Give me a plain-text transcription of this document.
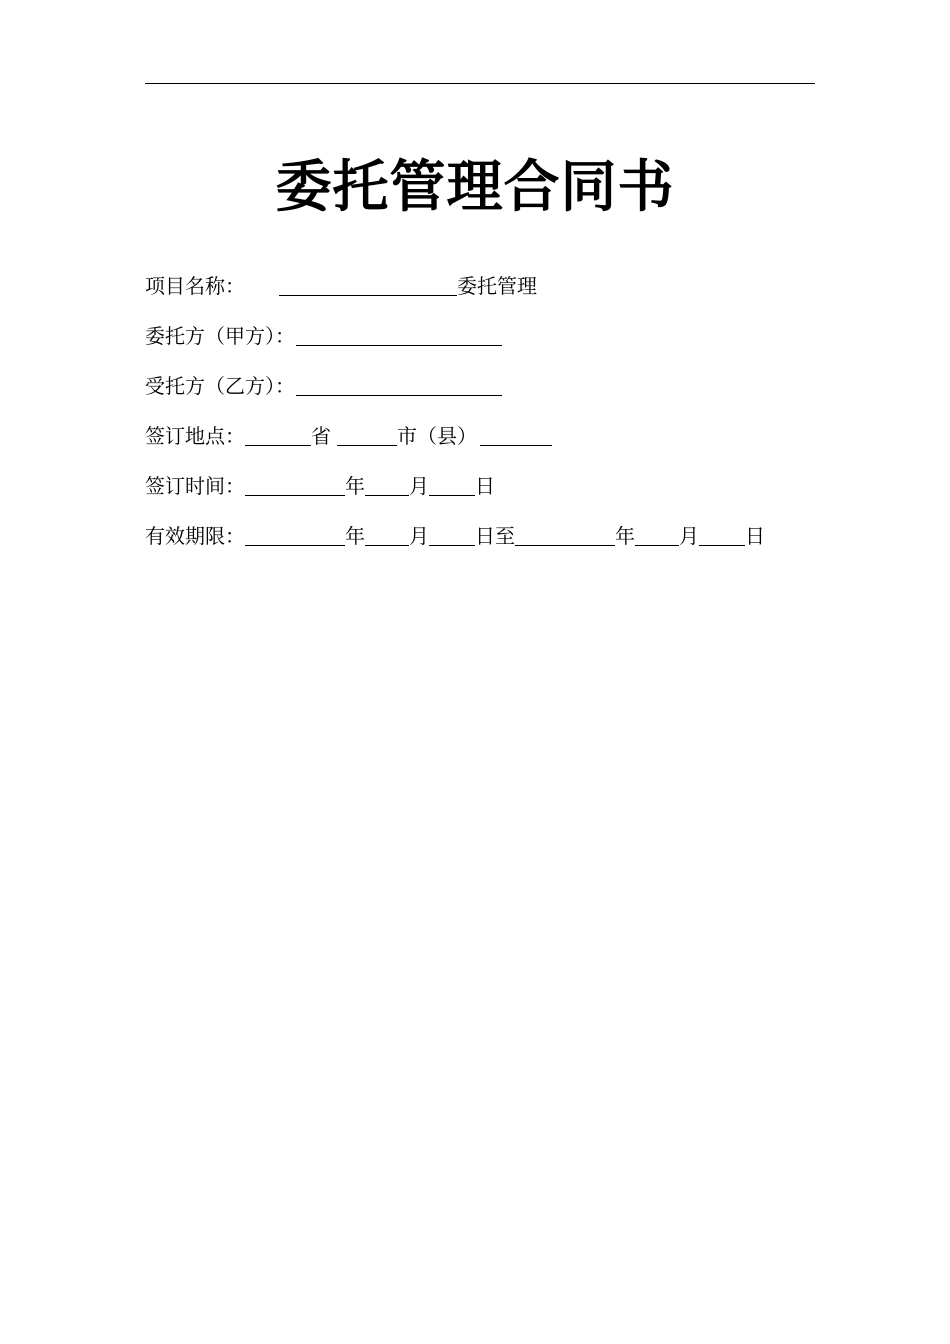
委托管理合同书
项目名称：	委托管理
委托方（甲方）：
受托方（乙方）：
签订地点：	省	市（县）
签订时间：	年 月 日
有效期限：	年 月 日至	年 月 日
